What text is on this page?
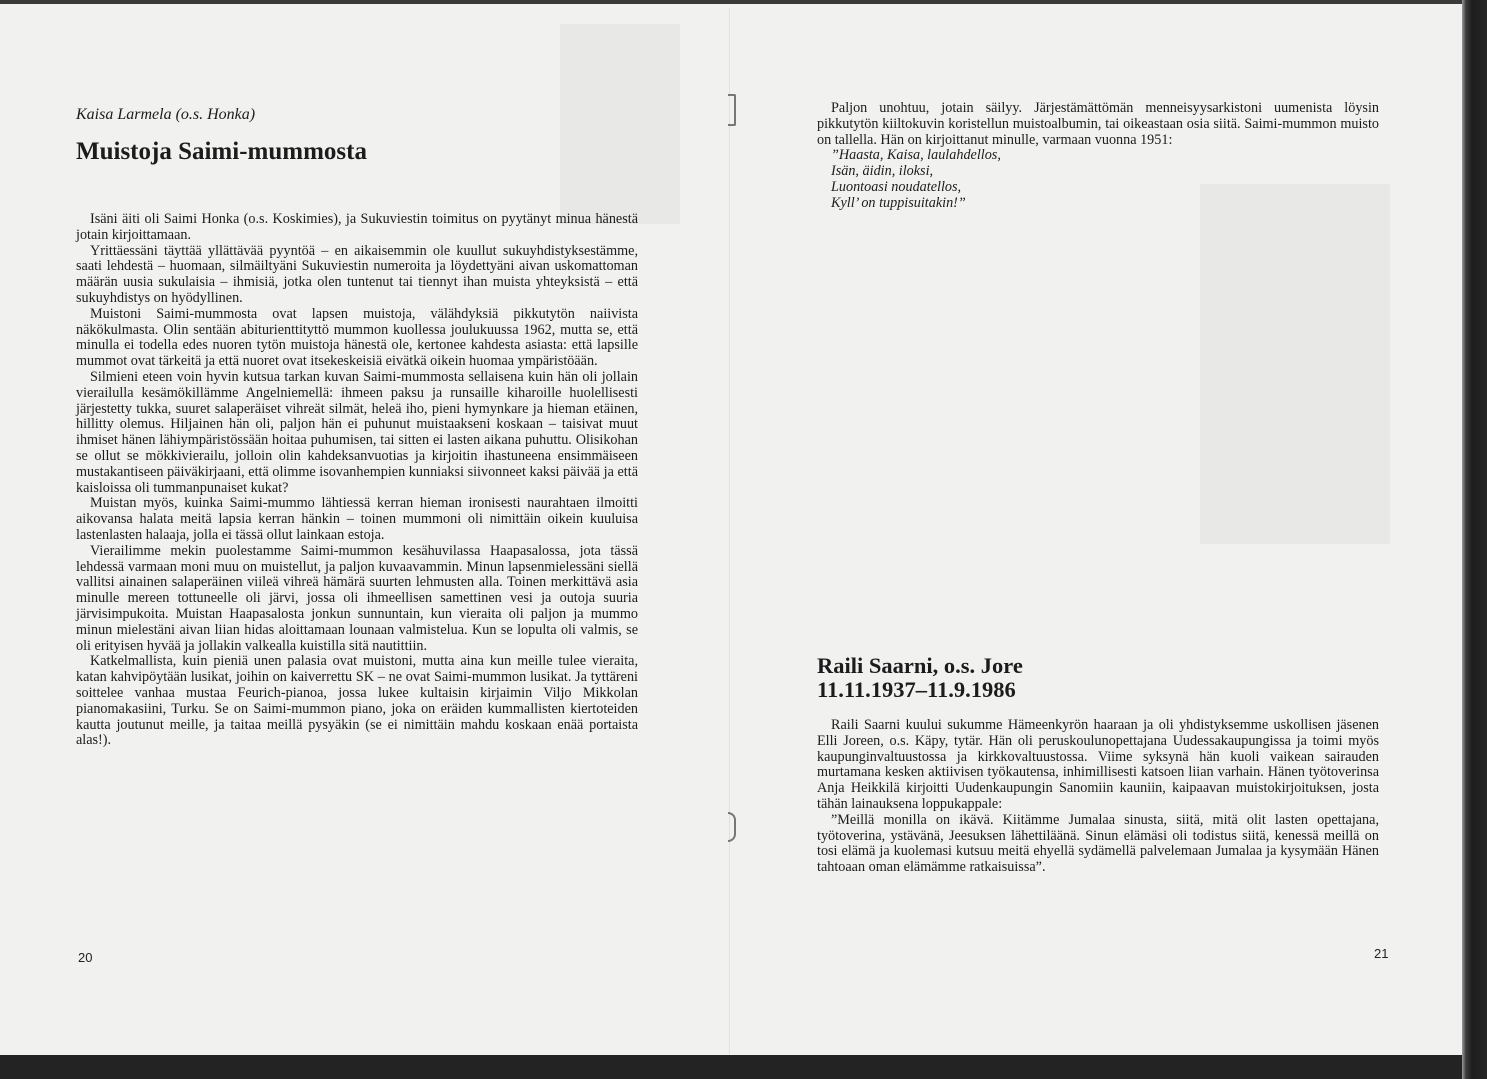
Kaisa Larmela (o.s. Honka)
Muistoja Saimi-mummosta

Isäni äiti oli Saimi Honka (o.s. Koskimies), ja Sukuviestin toimitus on pyytänyt minua hänestä jotain kirjoittamaan.

Yrittäessäni täyttää yllättävää pyyntöä – en aikaisemmin ole kuullut sukuyhdistyksestämme, saati lehdestä – huomaan, silmäiltyäni Sukuviestin numeroita ja löydettyäni aivan uskomattoman määrän uusia sukulaisia – ihmisiä, jotka olen tuntenut tai tiennyt ihan muista yhteyksistä – että sukuyhdistys on hyödyllinen.

Muistoni Saimi-mummosta ovat lapsen muistoja, välähdyksiä pikkutytön naiivista näkökulmasta. Olin sentään abiturienttityttö mummon kuollessa joulukuussa 1962, mutta se, että minulla ei todella edes nuoren tytön muistoja hänestä ole, kertonee kahdesta asiasta: että lapsille mummot ovat tärkeitä ja että nuoret ovat itsekeskeisiä eivätkä oikein huomaa ympäristöään.

Silmieni eteen voin hyvin kutsua tarkan kuvan Saimi-mummosta sellaisena kuin hän oli jollain vierailulla kesämökillämme Angelniemellä: ihmeen paksu ja runsaille kiharoille huolellisesti järjestetty tukka, suuret salaperäiset vihreät silmät, heleä iho, pieni hymynkare ja hieman etäinen, hillitty olemus. Hiljainen hän oli, paljon hän ei puhunut muistaakseni koskaan – taisivat muut ihmiset hänen lähiympäristössään hoitaa puhumisen, tai sitten ei lasten aikana puhuttu. Olisikohan se ollut se mökkivierailu, jolloin olin kahdeksanvuotias ja kirjoitin ihastuneena ensimmäiseen mustakantiseen päiväkirjaani, että olimme isovanhempien kunniaksi siivonneet kaksi päivää ja että kaisloissa oli tummanpunaiset kukat?

Muistan myös, kuinka Saimi-mummo lähtiessä kerran hieman ironisesti naurahtaen ilmoitti aikovansa halata meitä lapsia kerran hänkin – toinen mummoni oli nimittäin oikein kuuluisa lastenlasten halaaja, jolla ei tässä ollut lainkaan estoja.

Vierailimme mekin puolestamme Saimi-mummon kesähuvilassa Haapasalossa, jota tässä lehdessä varmaan moni muu on muistellut, ja paljon kuvaavammin. Minun lapsenmielessäni siellä vallitsi ainainen salaperäinen viileä vihreä hämärä suurten lehmusten alla. Toinen merkittävä asia minulle mereen tottuneelle oli järvi, jossa oli ihmeellisen samettinen vesi ja outoja suuria järvisimpukoita. Muistan Haapasalosta jonkun sunnuntain, kun vieraita oli paljon ja mummo minun mielestäni aivan liian hidas aloittamaan lounaan valmistelua. Kun se lopulta oli valmis, se oli erityisen hyvää ja jollakin valkealla kuistilla sitä nautittiin.

Katkelmallista, kuin pieniä unen palasia ovat muistoni, mutta aina kun meille tulee vieraita, katan kahvipöytään lusikat, joihin on kaiverrettu SK – ne ovat Saimi-mummon lusikat. Ja tyttäreni soittelee vanhaa mustaa Feurich-pianoa, jossa lukee kultaisin kirjaimin Viljo Mikkolan pianomakasiini, Turku. Se on Saimi-mummon piano, joka on eräiden kummallisten kiertoteiden kautta joutunut meille, ja taitaa meillä pysyäkin (se ei nimittäin mahdu koskaan enää portaista alas!).

20

Paljon unohtuu, jotain säilyy. Järjestämättömän menneisyysarkistoni uumenista löysin pikkutytön kiiltokuvin koristellun muistoalbumin, tai oikeastaan osia siitä. Saimi-mummon muisto on tallella. Hän on kirjoittanut minulle, varmaan vuonna 1951:

”Haasta, Kaisa, laulahdellos,
Isän, äidin, iloksi,
Luontoasi noudatellos,
Kyll’ on tuppisuitakin!”
Raili Saarni, o.s. Jore
11.11.1937–11.9.1986

Raili Saarni kuului sukumme Hämeenkyrön haaraan ja oli yhdistyksemme uskollisen jäsenen Elli Joreen, o.s. Käpy, tytär. Hän oli peruskoulunopettajana Uudessakaupungissa ja toimi myös kaupunginvaltuustossa ja kirkkovaltuustossa. Viime syksynä hän kuoli vaikean sairauden murtamana kesken aktiivisen työkautensa, inhimillisesti katsoen liian varhain. Hänen työtoverinsa Anja Heikkilä kirjoitti Uudenkaupungin Sanomiin kauniin, kaipaavan muistokirjoituksen, josta tähän lainauksena loppukappale:

”Meillä monilla on ikävä. Kiitämme Jumalaa sinusta, siitä, mitä olit lasten opettajana, työtoverina, ystävänä, Jeesuksen lähettiläänä. Sinun elämäsi oli todistus siitä, kenessä meillä on tosi elämä ja kuolemasi kutsuu meitä ehyellä sydämellä palvelemaan Jumalaa ja kysymään Hänen tahtoaan oman elämämme ratkaisuissa”.

21
